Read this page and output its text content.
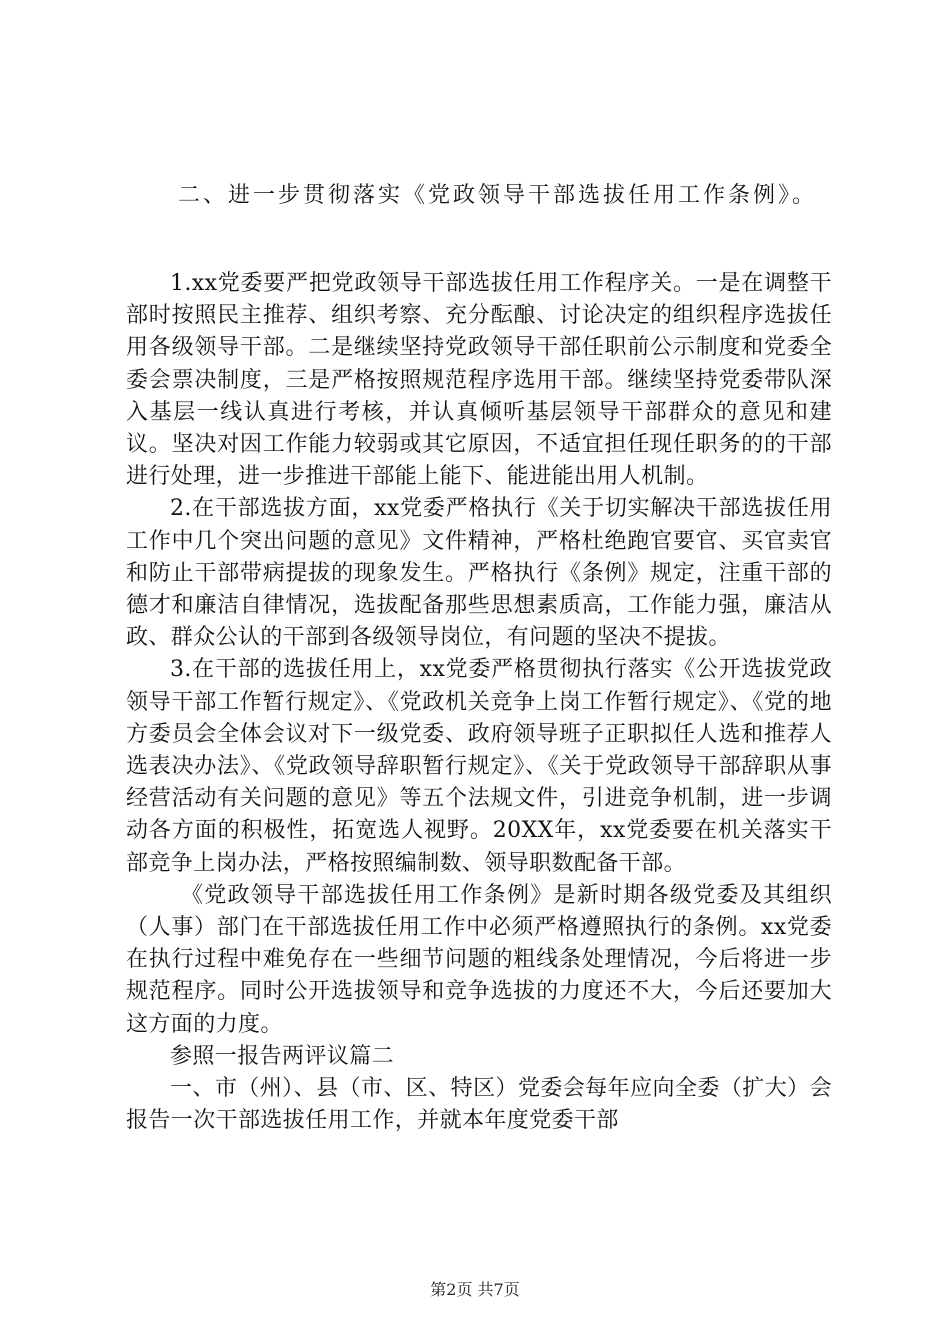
二、进一步贯彻落实《党政领导干部选拔任用工作条例》。

1.xx党委要严把党政领导干部选拔任用工作程序关。一是在调整干部时按照民主推荐、组织考察、充分酝酿、讨论决定的组织程序选拔任用各级领导干部。二是继续坚持党政领导干部任职前公示制度和党委全委会票决制度，三是严格按照规范程序选用干部。继续坚持党委带队深入基层一线认真进行考核，并认真倾听基层领导干部群众的意见和建议。坚决对因工作能力较弱或其它原因，不适宜担任现任职务的的干部进行处理，进一步推进干部能上能下、能进能出用人机制。

2.在干部选拔方面，xx党委严格执行《关于切实解决干部选拔任用工作中几个突出问题的意见》文件精神，严格杜绝跑官要官、买官卖官和防止干部带病提拔的现象发生。严格执行《条例》规定，注重干部的德才和廉洁自律情况，选拔配备那些思想素质高，工作能力强，廉洁从政、群众公认的干部到各级领导岗位，有问题的坚决不提拔。

3.在干部的选拔任用上，xx党委严格贯彻执行落实《公开选拔党政领导干部工作暂行规定》、《党政机关竞争上岗工作暂行规定》、《党的地方委员会全体会议对下一级党委、政府领导班子正职拟任人选和推荐人选表决办法》、《党政领导辞职暂行规定》、《关于党政领导干部辞职从事经营活动有关问题的意见》等五个法规文件，引进竞争机制，进一步调动各方面的积极性，拓宽选人视野。20XX年，xx党委要在机关落实干部竞争上岗办法，严格按照编制数、领导职数配备干部。

《党政领导干部选拔任用工作条例》是新时期各级党委及其组织（人事）部门在干部选拔任用工作中必须严格遵照执行的条例。xx党委在执行过程中难免存在一些细节问题的粗线条处理情况，今后将进一步规范程序。同时公开选拔领导和竞争选拔的力度还不大，今后还要加大这方面的力度。

参照一报告两评议篇二

一、市（州）、县（市、区、特区）党委会每年应向全委（扩大）会报告一次干部选拔任用工作，并就本年度党委干部

第2页 共7页
